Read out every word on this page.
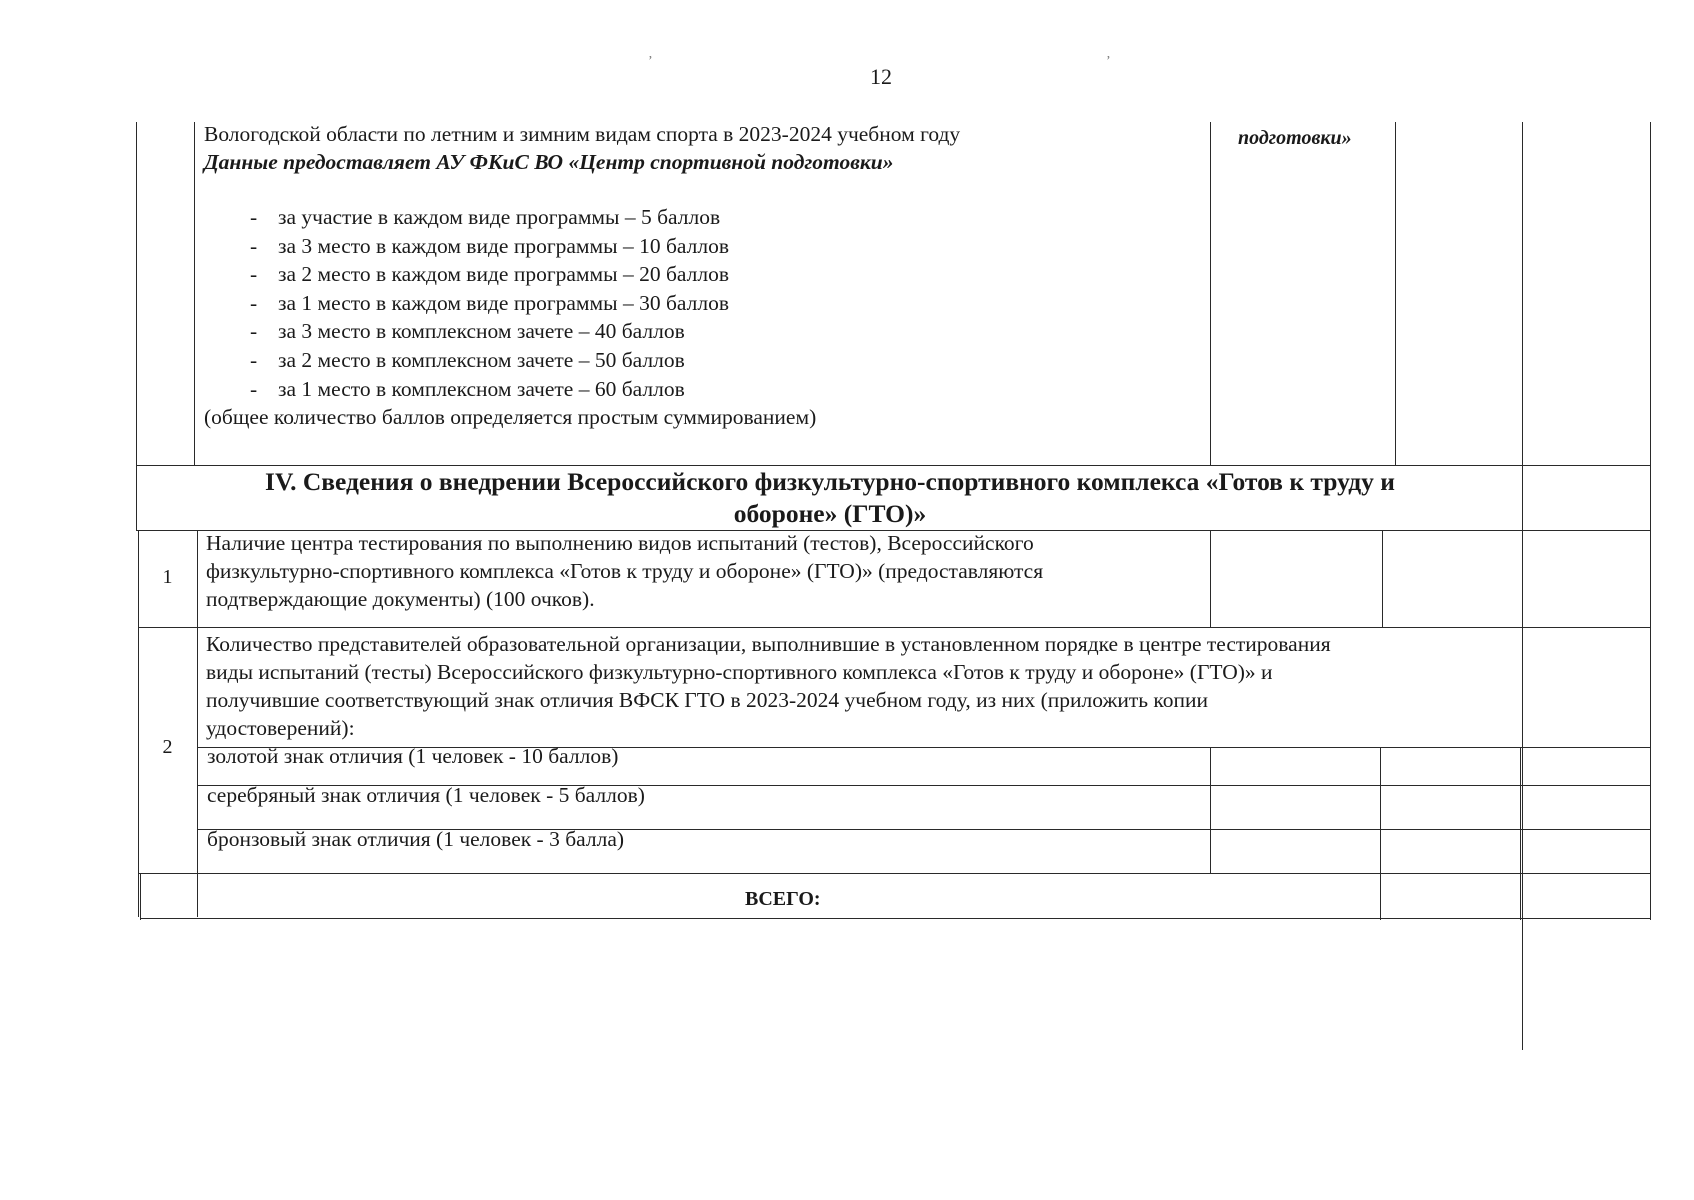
12
’	’
Вологодской области по летним и зимним видам спорта в 2023-2024 учебном году
Данные предоставляет АУ ФКиС ВО «Центр спортивной подготовки»
- за участие в каждом виде программы – 5 баллов
- за 3 место в каждом виде программы – 10 баллов
- за 2 место в каждом виде программы – 20 баллов
- за 1 место в каждом виде программы – 30 баллов
- за 3 место в комплексном зачете – 40 баллов
- за 2 место в комплексном зачете – 50 баллов
- за 1 место в комплексном зачете – 60 баллов
(общее количество баллов определяется простым суммированием)
подготовки»
IV. Сведения о внедрении Всероссийского физкультурно-спортивного комплекса «Готов к труду и
обороне» (ГТО)»
1
Наличие центра тестирования по выполнению видов испытаний (тестов), Всероссийского
физкультурно-спортивного комплекса «Готов к труду и обороне» (ГТО)» (предоставляются
подтверждающие документы) (100 очков).
2
Количество представителей образовательной организации, выполнившие в установленном порядке в центре тестирования
виды испытаний (тесты) Всероссийского физкультурно-спортивного комплекса «Готов к труду и обороне» (ГТО)» и
получившие соответствующий знак отличия ВФСК ГТО в 2023-2024 учебном году, из них (приложить копии
удостоверений):
золотой знак отличия (1 человек - 10 баллов)
серебряный знак отличия (1 человек - 5 баллов)
бронзовый знак отличия (1 человек - 3 балла)
ВСЕГО:
